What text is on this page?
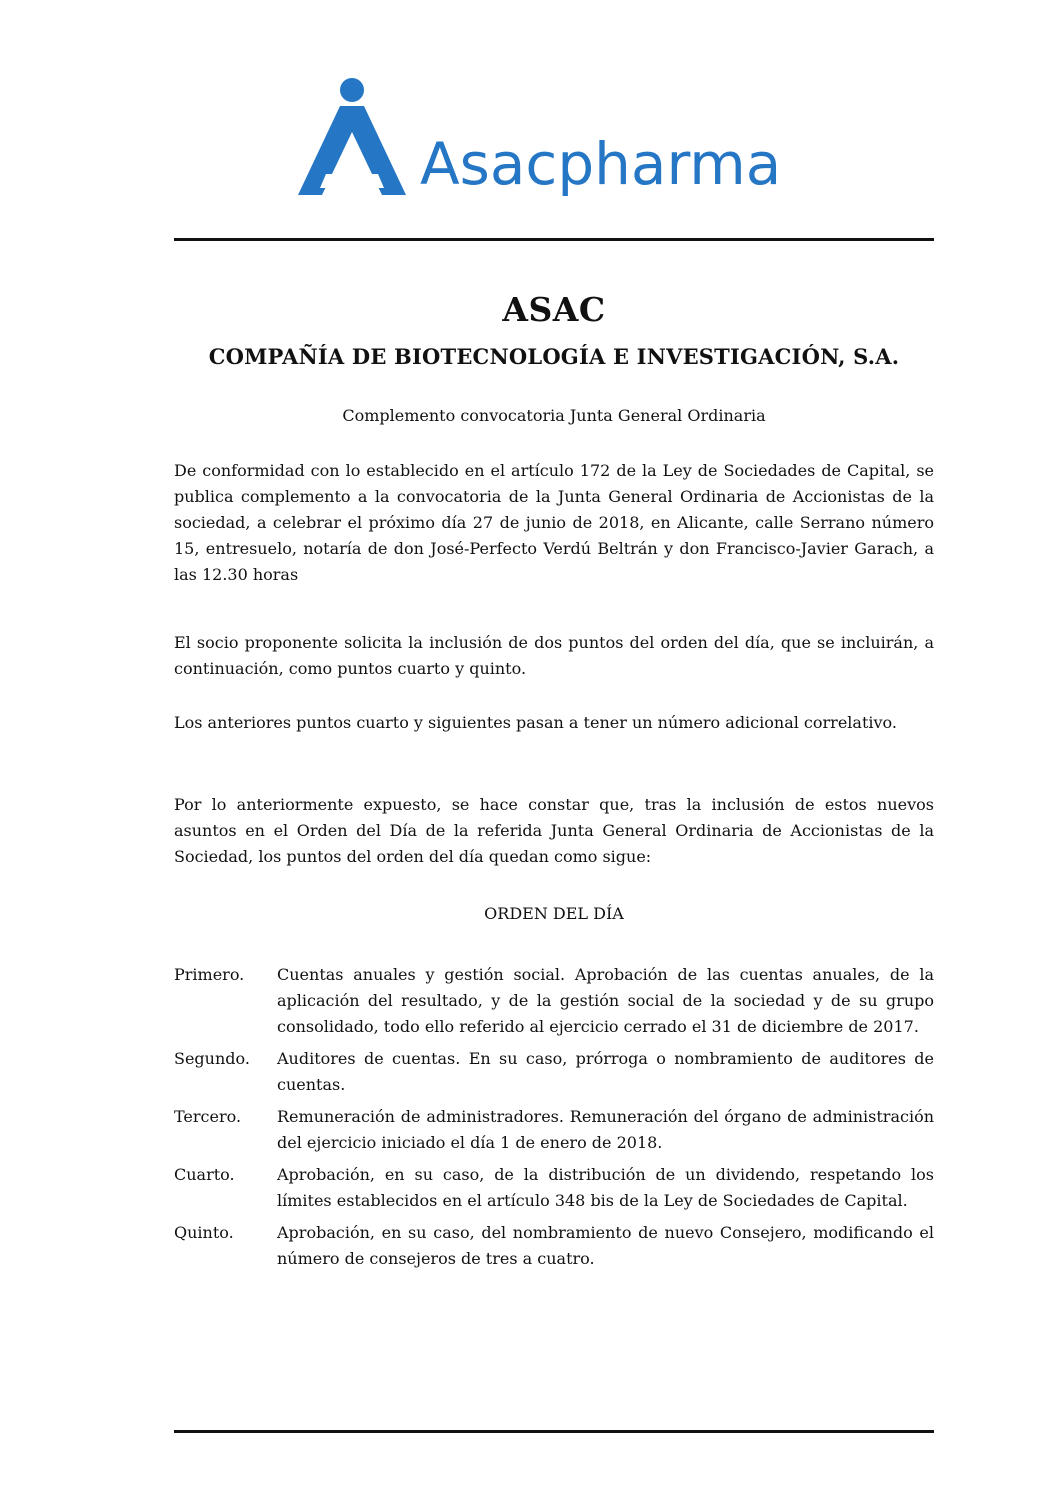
Asacpharma
ASAC
COMPAÑÍA DE BIOTECNOLOGÍA E INVESTIGACIÓN, S.A.
Complemento convocatoria Junta General Ordinaria
De conformidad con lo establecido en el artículo 172 de la Ley de Sociedades de Capital, se publica complemento a la convocatoria de la Junta General Ordinaria de Accionistas de la sociedad, a celebrar el próximo día 27 de junio de 2018, en Alicante, calle Serrano número 15, entresuelo, notaría de don José-Perfecto Verdú Beltrán y don Francisco-Javier Garach, a las 12.30 horas
El socio proponente solicita la inclusión de dos puntos del orden del día, que se incluirán, a continuación, como puntos cuarto y quinto.
Los anteriores puntos cuarto y siguientes pasan a tener un número adicional correlativo.
Por lo anteriormente expuesto, se hace constar que, tras la inclusión de estos nuevos asuntos en el Orden del Día de la referida Junta General Ordinaria de Accionistas de la Sociedad, los puntos del orden del día quedan como sigue:
ORDEN DEL DÍA
Primero.	Cuentas anuales y gestión social. Aprobación de las cuentas anuales, de la aplicación del resultado, y de la gestión social de la sociedad y de su grupo consolidado, todo ello referido al ejercicio cerrado el 31 de diciembre de 2017.
Segundo.	Auditores de cuentas. En su caso, prórroga o nombramiento de auditores de cuentas.
Tercero.	Remuneración de administradores. Remuneración del órgano de administración del ejercicio iniciado el día 1 de enero de 2018.
Cuarto.	Aprobación, en su caso, de la distribución de un dividendo, respetando los límites establecidos en el artículo 348 bis de la Ley de Sociedades de Capital.
Quinto.	Aprobación, en su caso, del nombramiento de nuevo Consejero, modificando el número de consejeros de tres a cuatro.
